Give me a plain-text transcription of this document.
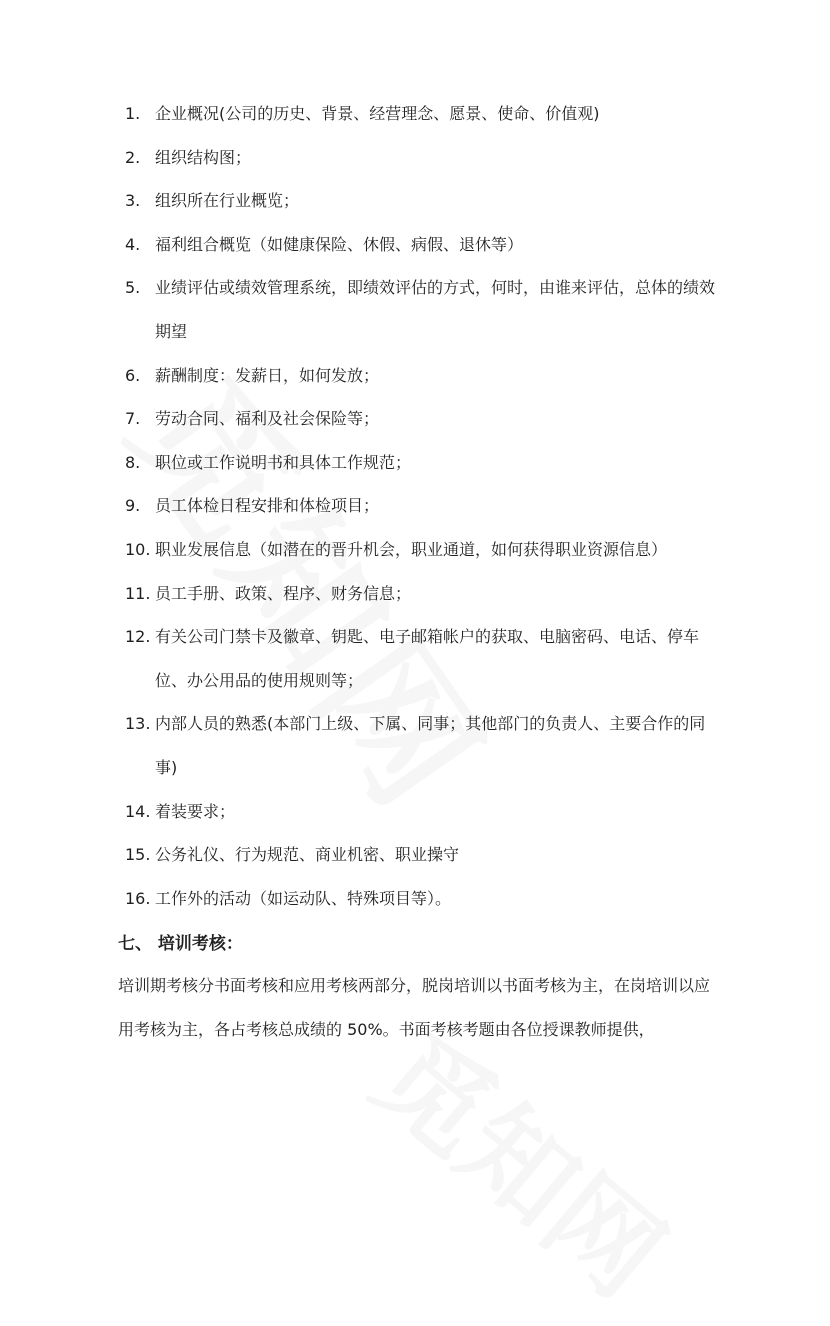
1. 企业概况(公司的历史、背景、经营理念、愿景、使命、价值观)
2. 组织结构图；
3. 组织所在行业概览；
4. 福利组合概览（如健康保险、休假、病假、退休等）
5. 业绩评估或绩效管理系统，即绩效评估的方式，何时，由谁来评估，总体的绩效期望
6. 薪酬制度：发薪日，如何发放；
7. 劳动合同、福利及社会保险等；
8. 职位或工作说明书和具体工作规范；
9. 员工体检日程安排和体检项目；
10. 职业发展信息（如潜在的晋升机会，职业通道，如何获得职业资源信息）
11. 员工手册、政策、程序、财务信息；
12. 有关公司门禁卡及徽章、钥匙、电子邮箱帐户的获取、电脑密码、电话、停车位、办公用品的使用规则等；
13. 内部人员的熟悉(本部门上级、下属、同事；其他部门的负责人、主要合作的同事)
14. 着装要求；
15. 公务礼仪、行为规范、商业机密、职业操守
16. 工作外的活动（如运动队、特殊项目等）。
七、 培训考核：
培训期考核分书面考核和应用考核两部分，脱岗培训以书面考核为主，在岗培训以应用考核为主，各占考核总成绩的 50%。书面考核考题由各位授课教师提供，
